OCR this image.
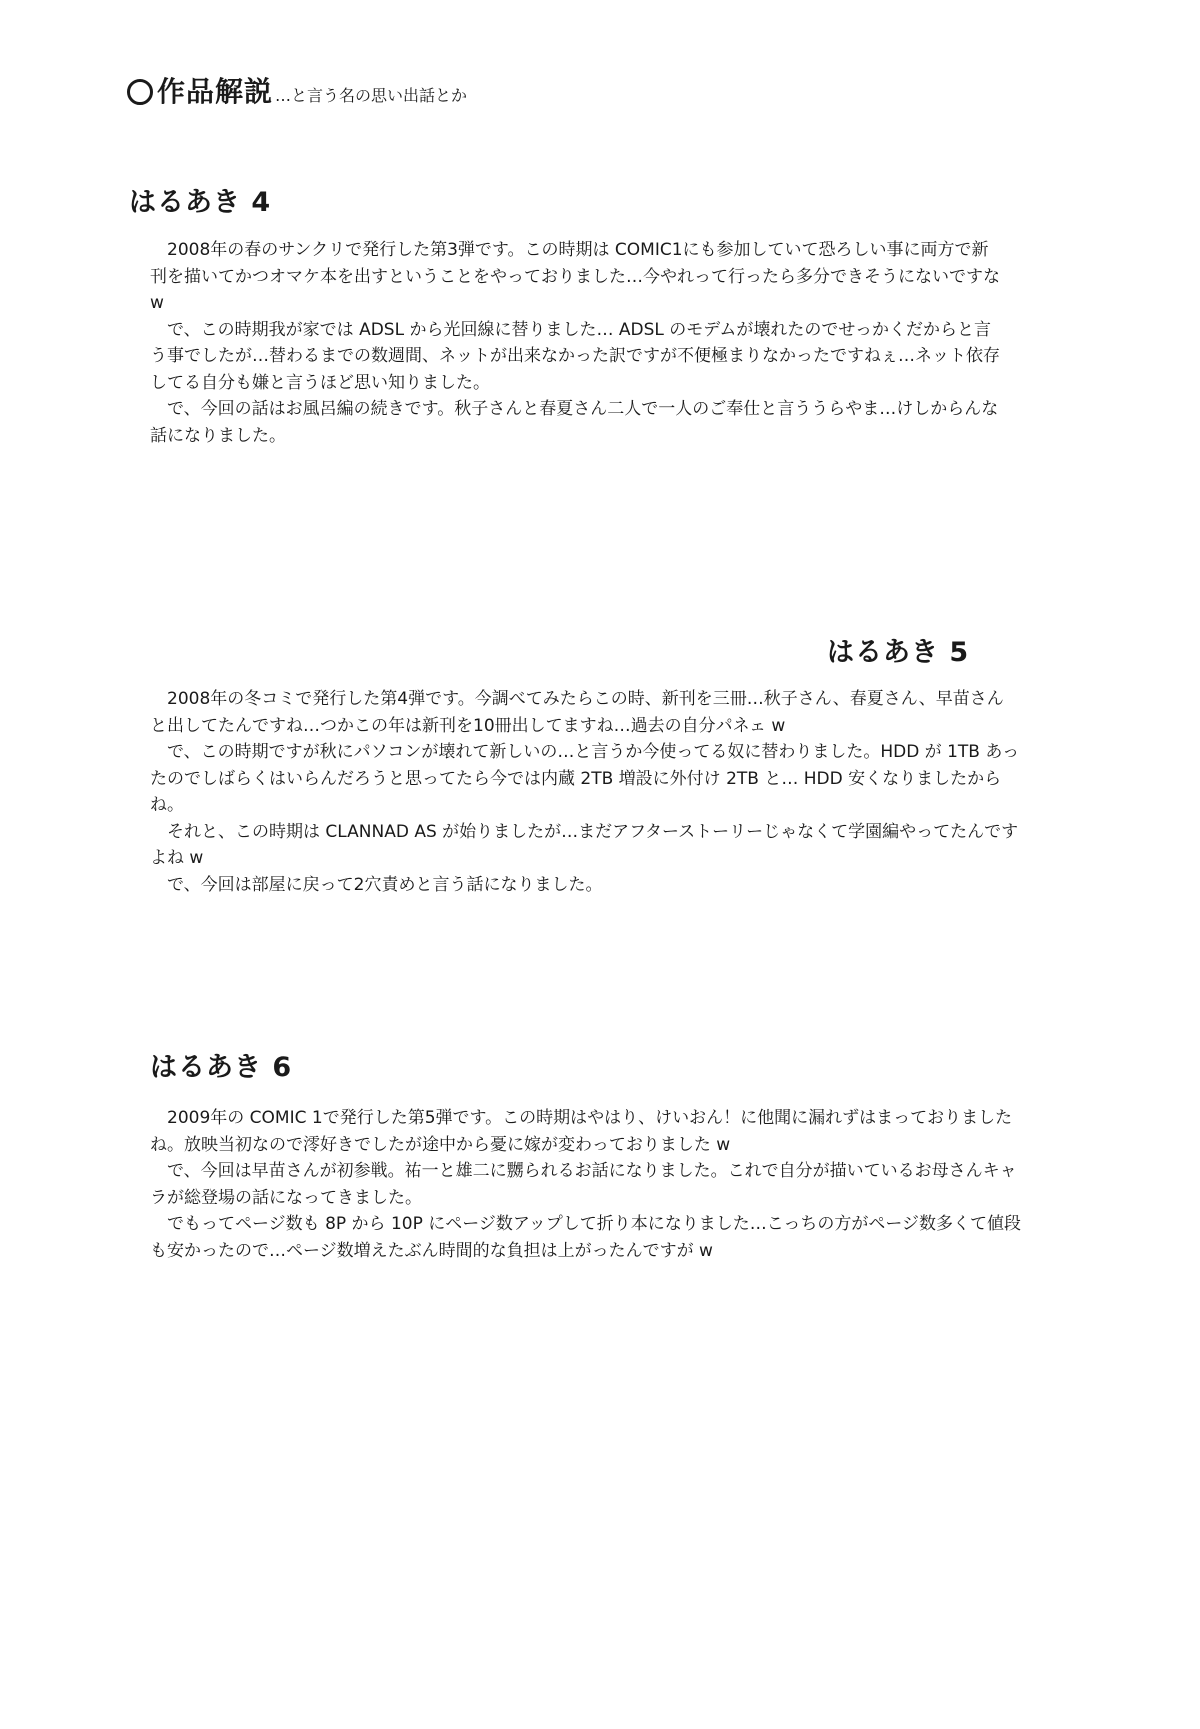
作品解説 …と言う名の思い出話とか
はるあき 4

2008年の春のサンクリで発行した第3弾です。この時期は COMIC1にも参加していて恐ろしい事に両方で新刊を描いてかつオマケ本を出すということをやっておりました…今やれって行ったら多分できそうにないですな w

で、この時期我が家では ADSL から光回線に替りました… ADSL のモデムが壊れたのでせっかくだからと言う事でしたが…替わるまでの数週間、ネットが出来なかった訳ですが不便極まりなかったですねぇ…ネット依存してる自分も嫌と言うほど思い知りました。

で、今回の話はお風呂編の続きです。秋子さんと春夏さん二人で一人のご奉仕と言ううらやま…けしからんな話になりました。

はるあき 5

2008年の冬コミで発行した第4弾です。今調べてみたらこの時、新刊を三冊…秋子さん、春夏さん、早苗さんと出してたんですね…つかこの年は新刊を10冊出してますね…過去の自分パネェ w

で、この時期ですが秋にパソコンが壊れて新しいの…と言うか今使ってる奴に替わりました。HDD が 1TB あったのでしばらくはいらんだろうと思ってたら今では内蔵 2TB 増設に外付け 2TB と… HDD 安くなりましたからね。

それと、この時期は CLANNAD AS が始りましたが…まだアフターストーリーじゃなくて学園編やってたんですよね w

で、今回は部屋に戻って2穴責めと言う話になりました。

はるあき 6

2009年の COMIC 1で発行した第5弾です。この時期はやはり、けいおん！に他聞に漏れずはまっておりましたね。放映当初なので澪好きでしたが途中から憂に嫁が変わっておりました w

で、今回は早苗さんが初参戦。祐一と雄二に嬲られるお話になりました。これで自分が描いているお母さんキャラが総登場の話になってきました。

でもってページ数も 8P から 10P にページ数アップして折り本になりました…こっちの方がページ数多くて値段も安かったので…ページ数増えたぶん時間的な負担は上がったんですが w
